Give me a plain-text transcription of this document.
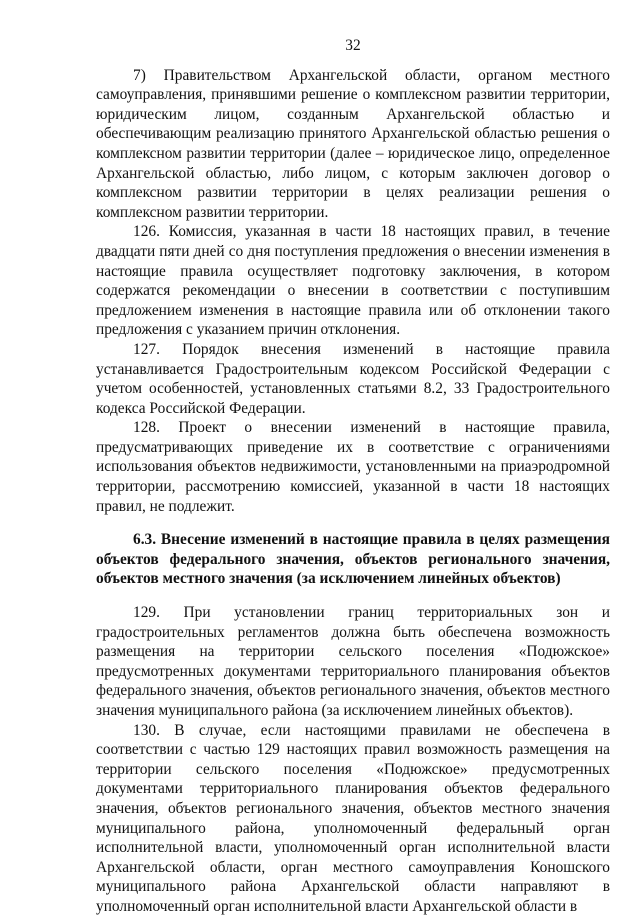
32

7) Правительством Архангельской области, органом местного самоуправления, принявшими решение о комплексном развитии территории, юридическим лицом, созданным Архангельской областью и обеспечивающим реализацию принятого Архангельской областью решения о комплексном развитии территории (далее – юридическое лицо, определенное Архангельской областью, либо лицом, с которым заключен договор о комплексном развитии территории в целях реализации решения о комплексном развитии территории.

126. Комиссия, указанная в части 18 настоящих правил, в течение двадцати пяти дней со дня поступления предложения о внесении изменения в настоящие правила осуществляет подготовку заключения, в котором содержатся рекомендации о внесении в соответствии с поступившим предложением изменения в настоящие правила или об отклонении такого предложения с указанием причин отклонения.

127. Порядок внесения изменений в настоящие правила устанавливается Градостроительным кодексом Российской Федерации с учетом особенностей, установленных статьями 8.2, 33 Градостроительного кодекса Российской Федерации.

128. Проект о внесении изменений в настоящие правила, предусматривающих приведение их в соответствие с ограничениями использования объектов недвижимости, установленными на приаэродромной территории, рассмотрению комиссией, указанной в части 18 настоящих правил, не подлежит.

6.3. Внесение изменений в настоящие правила в целях размещения объектов федерального значения, объектов регионального значения, объектов местного значения (за исключением линейных объектов)

129. При установлении границ территориальных зон и градостроительных регламентов должна быть обеспечена возможность размещения на территории сельского поселения «Подюжское» предусмотренных документами территориального планирования объектов федерального значения, объектов регионального значения, объектов местного значения муниципального района (за исключением линейных объектов).

130. В случае, если настоящими правилами не обеспечена в соответствии с частью 129 настоящих правил возможность размещения на территории сельского поселения «Подюжское» предусмотренных документами территориального планирования объектов федерального значения, объектов регионального значения, объектов местного значения муниципального района, уполномоченный федеральный орган исполнительной власти, уполномоченный орган исполнительной власти Архангельской области, орган местного самоуправления Коношского муниципального района Архангельской области направляют в уполномоченный орган исполнительной власти Архангельской области в
